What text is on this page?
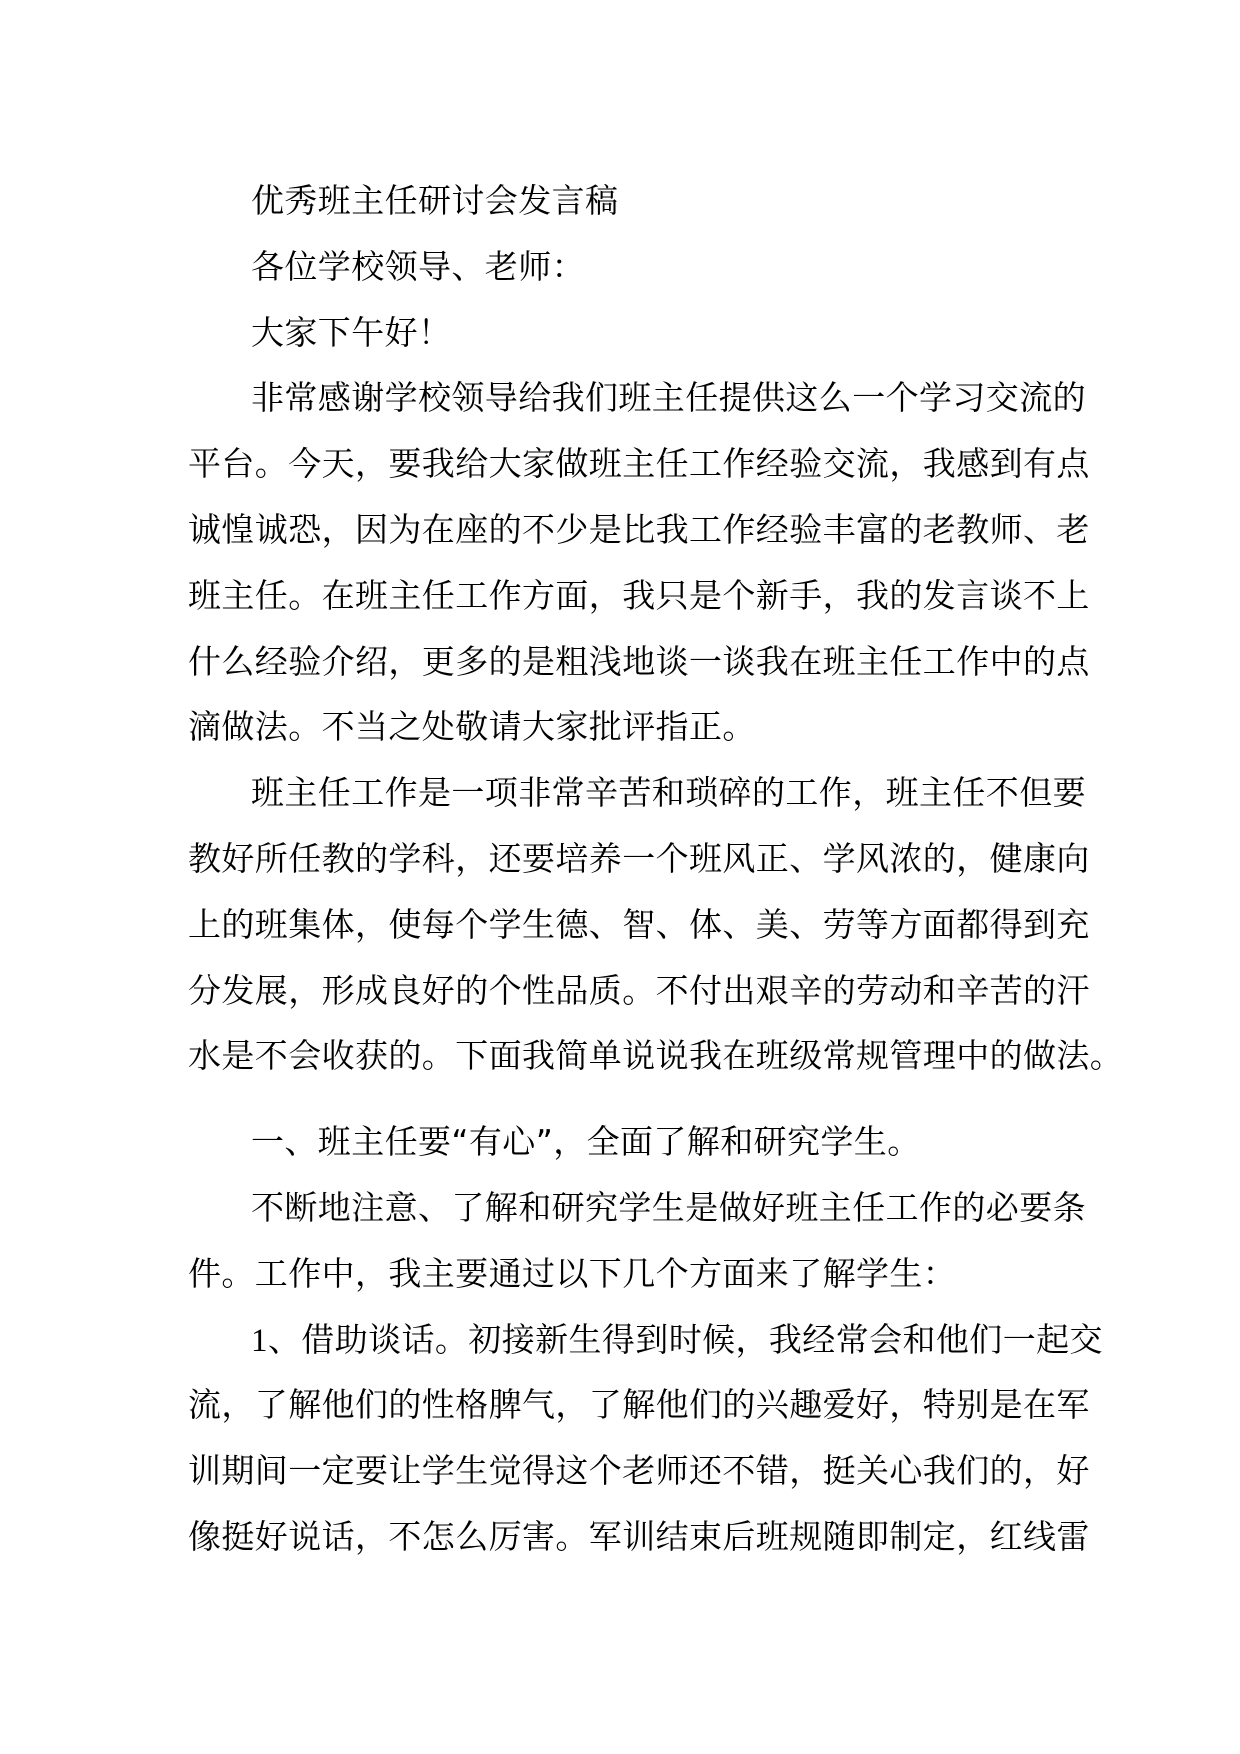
优秀班主任研讨会发言稿
各位学校领导、老师：
大家下午好！
非常感谢学校领导给我们班主任提供这么一个学习交流的
平台。今天，要我给大家做班主任工作经验交流，我感到有点
诚惶诚恐，因为在座的不少是比我工作经验丰富的老教师、老
班主任。在班主任工作方面，我只是个新手，我的发言谈不上
什么经验介绍，更多的是粗浅地谈一谈我在班主任工作中的点
滴做法。不当之处敬请大家批评指正。
班主任工作是一项非常辛苦和琐碎的工作，班主任不但要
教好所任教的学科，还要培养一个班风正、学风浓的，健康向
上的班集体，使每个学生德、智、体、美、劳等方面都得到充
分发展，形成良好的个性品质。不付出艰辛的劳动和辛苦的汗
水是不会收获的。下面我简单说说我在班级常规管理中的做法。
一、班主任要“有心”，全面了解和研究学生。
不断地注意、了解和研究学生是做好班主任工作的必要条
件。工作中，我主要通过以下几个方面来了解学生：
1、借助谈话。初接新生得到时候，我经常会和他们一起交
流，了解他们的性格脾气，了解他们的兴趣爱好，特别是在军
训期间一定要让学生觉得这个老师还不错，挺关心我们的，好
像挺好说话，不怎么厉害。军训结束后班规随即制定，红线雷
